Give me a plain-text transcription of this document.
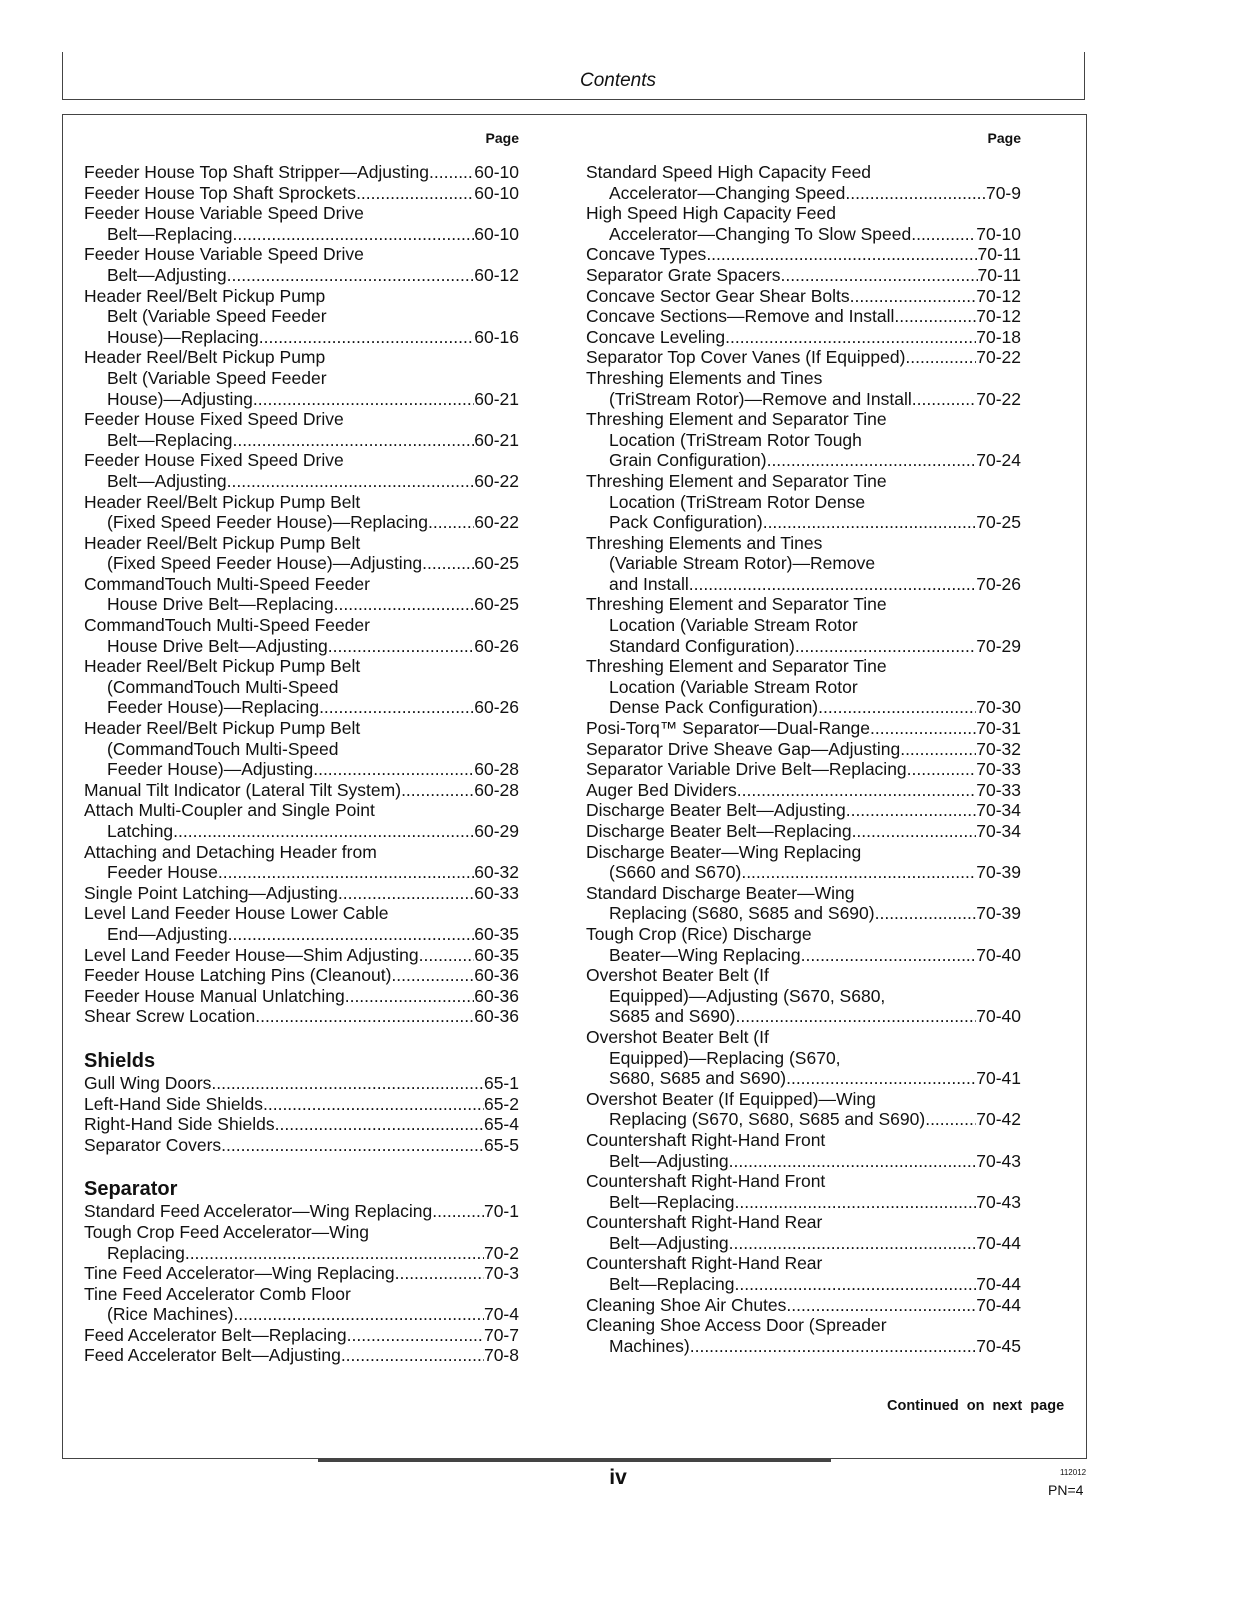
Contents
Page
Feeder House Top Shaft Stripper—Adjusting .....	60-10
Feeder House Top Shaft Sprockets .....	60-10
Feeder House Variable Speed Drive
Belt—Replacing .....	60-10
Feeder House Variable Speed Drive
Belt—Adjusting .....	60-12
Header Reel/Belt Pickup Pump
Belt (Variable Speed Feeder
House)—Replacing .....	60-16
Header Reel/Belt Pickup Pump
Belt (Variable Speed Feeder
House)—Adjusting .....	60-21
Feeder House Fixed Speed Drive
Belt—Replacing .....	60-21
Feeder House Fixed Speed Drive
Belt—Adjusting .....	60-22
Header Reel/Belt Pickup Pump Belt
(Fixed Speed Feeder House)—Replacing .....	60-22
Header Reel/Belt Pickup Pump Belt
(Fixed Speed Feeder House)—Adjusting .....	60-25
CommandTouch Multi-Speed Feeder
House Drive Belt—Replacing .....	60-25
CommandTouch Multi-Speed Feeder
House Drive Belt—Adjusting .....	60-26
Header Reel/Belt Pickup Pump Belt
(CommandTouch Multi-Speed
Feeder House)—Replacing .....	60-26
Header Reel/Belt Pickup Pump Belt
(CommandTouch Multi-Speed
Feeder House)—Adjusting .....	60-28
Manual Tilt Indicator (Lateral Tilt System) .....	60-28
Attach Multi-Coupler and Single Point
Latching .....	60-29
Attaching and Detaching Header from
Feeder House .....	60-32
Single Point Latching—Adjusting .....	60-33
Level Land Feeder House Lower Cable
End—Adjusting .....	60-35
Level Land Feeder House—Shim Adjusting .....	60-35
Feeder House Latching Pins (Cleanout) .....	60-36
Feeder House Manual Unlatching .....	60-36
Shear Screw Location .....	60-36
Shields
Gull Wing Doors .....	65-1
Left-Hand Side Shields .....	65-2
Right-Hand Side Shields .....	65-4
Separator Covers .....	65-5
Separator
Standard Feed Accelerator—Wing Replacing .....	70-1
Tough Crop Feed Accelerator—Wing
Replacing .....	70-2
Tine Feed Accelerator—Wing Replacing .....	70-3
Tine Feed Accelerator Comb Floor
(Rice Machines) .....	70-4
Feed Accelerator Belt—Replacing .....	70-7
Feed Accelerator Belt—Adjusting .....	70-8
Page
Standard Speed High Capacity Feed
Accelerator—Changing Speed .....	70-9
High Speed High Capacity Feed
Accelerator—Changing To Slow Speed .....	70-10
Concave Types .....	70-11
Separator Grate Spacers .....	70-11
Concave Sector Gear Shear Bolts .....	70-12
Concave Sections—Remove and Install .....	70-12
Concave Leveling .....	70-18
Separator Top Cover Vanes (If Equipped) .....	70-22
Threshing Elements and Tines
(TriStream Rotor)—Remove and Install .....	70-22
Threshing Element and Separator Tine
Location (TriStream Rotor Tough
Grain Configuration) .....	70-24
Threshing Element and Separator Tine
Location (TriStream Rotor Dense
Pack Configuration) .....	70-25
Threshing Elements and Tines
(Variable Stream Rotor)—Remove
and Install .....	70-26
Threshing Element and Separator Tine
Location (Variable Stream Rotor
Standard Configuration) .....	70-29
Threshing Element and Separator Tine
Location (Variable Stream Rotor
Dense Pack Configuration) .....	70-30
Posi-Torq™ Separator—Dual-Range .....	70-31
Separator Drive Sheave Gap—Adjusting .....	70-32
Separator Variable Drive Belt—Replacing .....	70-33
Auger Bed Dividers .....	70-33
Discharge Beater Belt—Adjusting .....	70-34
Discharge Beater Belt—Replacing .....	70-34
Discharge Beater—Wing Replacing
(S660 and S670) .....	70-39
Standard Discharge Beater—Wing
Replacing (S680, S685 and S690) .....	70-39
Tough Crop (Rice) Discharge
Beater—Wing Replacing .....	70-40
Overshot Beater Belt (If
Equipped)—Adjusting (S670, S680,
S685 and S690) .....	70-40
Overshot Beater Belt (If
Equipped)—Replacing (S670,
S680, S685 and S690) .....	70-41
Overshot Beater (If Equipped)—Wing
Replacing (S670, S680, S685 and S690) .....	70-42
Countershaft Right-Hand Front
Belt—Adjusting .....	70-43
Countershaft Right-Hand Front
Belt—Replacing .....	70-43
Countershaft Right-Hand Rear
Belt—Adjusting .....	70-44
Countershaft Right-Hand Rear
Belt—Replacing .....	70-44
Cleaning Shoe Air Chutes .....	70-44
Cleaning Shoe Access Door (Spreader
Machines) .....	70-45
Continued on next page
iv	112012
PN=4
